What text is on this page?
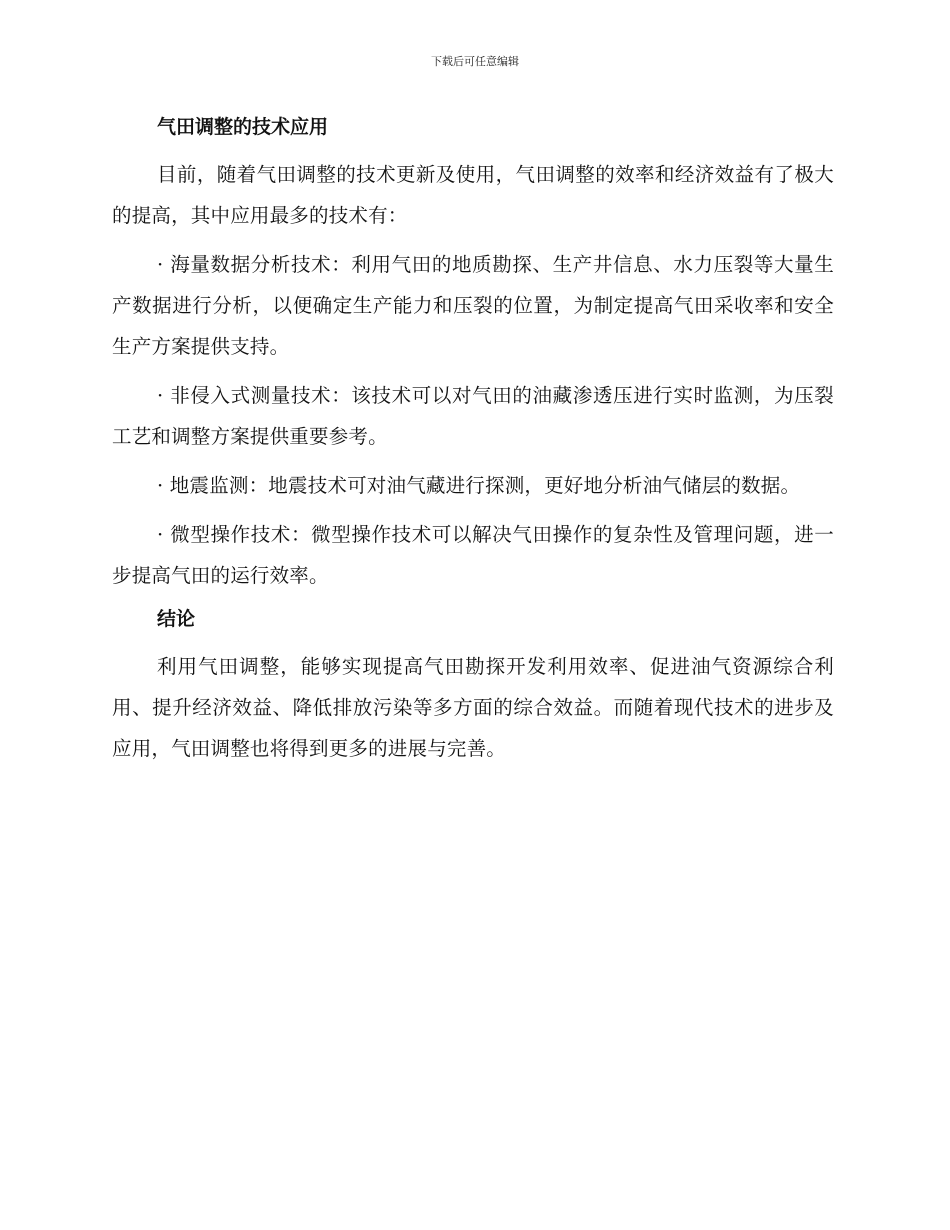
下载后可任意编辑
气田调整的技术应用

目前，随着气田调整的技术更新及使用，气田调整的效率和经济效益有了极大的提高，其中应用最多的技术有：

· 海量数据分析技术：利用气田的地质勘探、生产井信息、水力压裂等大量生产数据进行分析，以便确定生产能力和压裂的位置，为制定提高气田采收率和安全生产方案提供支持。

· 非侵入式测量技术：该技术可以对气田的油藏渗透压进行实时监测，为压裂工艺和调整方案提供重要参考。

· 地震监测：地震技术可对油气藏进行探测，更好地分析油气储层的数据。

· 微型操作技术：微型操作技术可以解决气田操作的复杂性及管理问题，进一步提高气田的运行效率。

结论

利用气田调整，能够实现提高气田勘探开发利用效率、促进油气资源综合利用、提升经济效益、降低排放污染等多方面的综合效益。而随着现代技术的进步及应用，气田调整也将得到更多的进展与完善。
